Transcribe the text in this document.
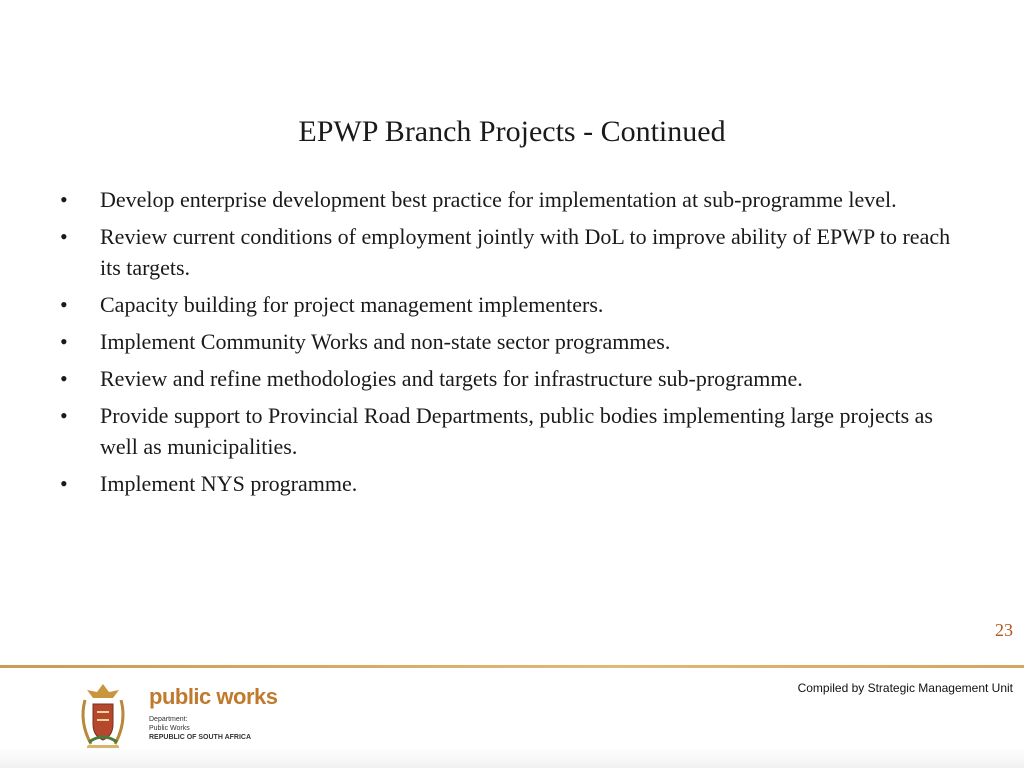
EPWP Branch Projects - Continued
• Develop enterprise development best practice for implementation at sub-programme level.
• Review current conditions of employment jointly with DoL to improve ability of EPWP to reach its targets.
• Capacity building for project management implementers.
• Implement Community Works and non-state sector programmes.
• Review and refine methodologies and targets for infrastructure sub-programme.
• Provide support to Provincial Road Departments, public bodies implementing large projects as well as municipalities.
• Implement NYS programme.
23
Compiled by Strategic Management Unit
public works
Department:
Public Works
REPUBLIC OF SOUTH AFRICA
